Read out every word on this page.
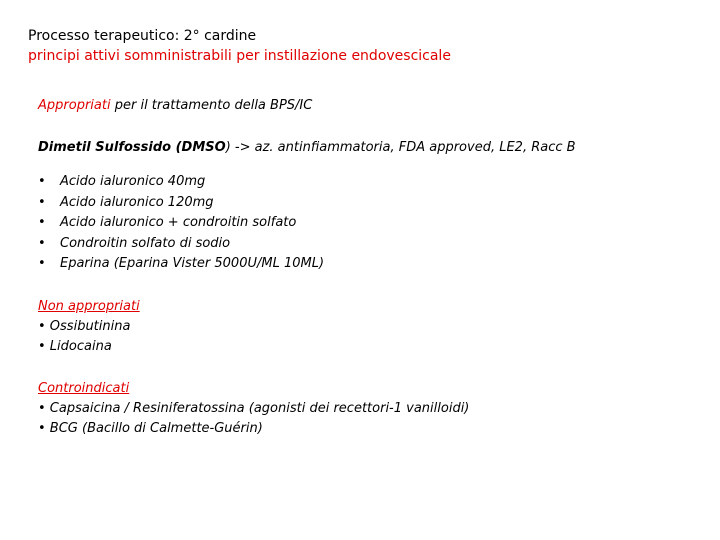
Processo terapeutico: 2° cardine
principi attivi somministrabili per instillazione endovescicale
Appropriati per il trattamento della BPS/IC
Dimetil Sulfossido (DMSO) -> az. antinfiammatoria, FDA approved, LE2, Racc B
•	Acido ialuronico 40mg
•	Acido ialuronico 120mg
•	Acido ialuronico + condroitin solfato
•	Condroitin solfato di sodio
•	Eparina (Eparina Vister 5000U/ML 10ML)
Non appropriati
• Ossibutinina
• Lidocaina
Controindicati
• Capsaicina / Resiniferatossina (agonisti dei recettori-1 vanilloidi)
• BCG (Bacillo di Calmette-Guérin)
